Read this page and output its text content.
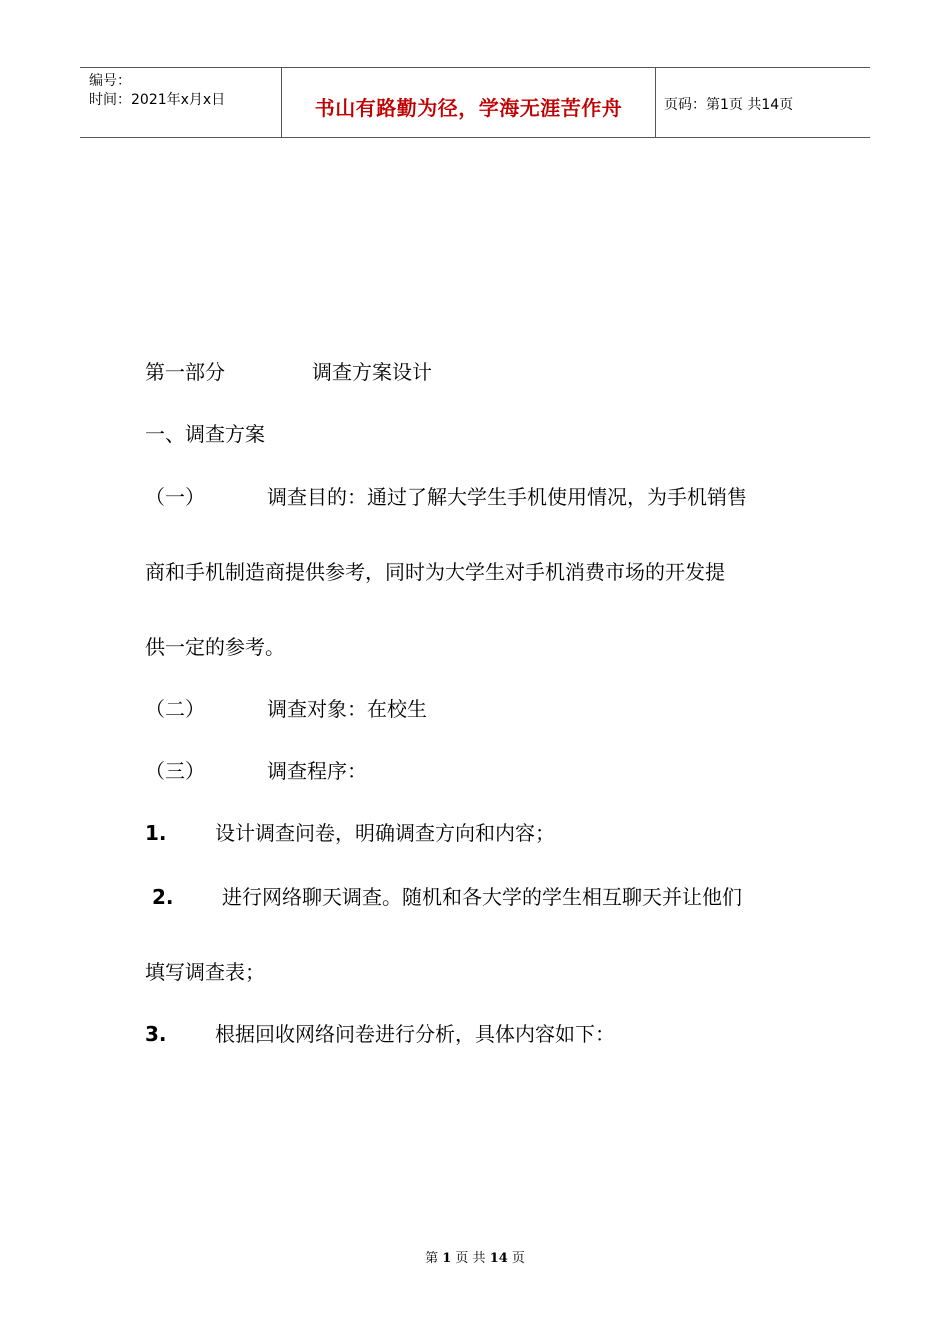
编号：
时间：2021年x月x日	书山有路勤为径，学海无涯苦作舟	页码：第1页 共14页
第一部分	调查方案设计
一、调查方案
（一）	调查目的：通过了解大学生手机使用情况，为手机销售
商和手机制造商提供参考，同时为大学生对手机消费市场的开发提
供一定的参考。
（二）	调查对象：在校生
（三）	调查程序：
1. 设计调查问卷，明确调查方向和内容；
2. 进行网络聊天调查。随机和各大学的学生相互聊天并让他们
填写调查表；
3. 根据回收网络问卷进行分析，具体内容如下：
第 1 页 共 14 页
